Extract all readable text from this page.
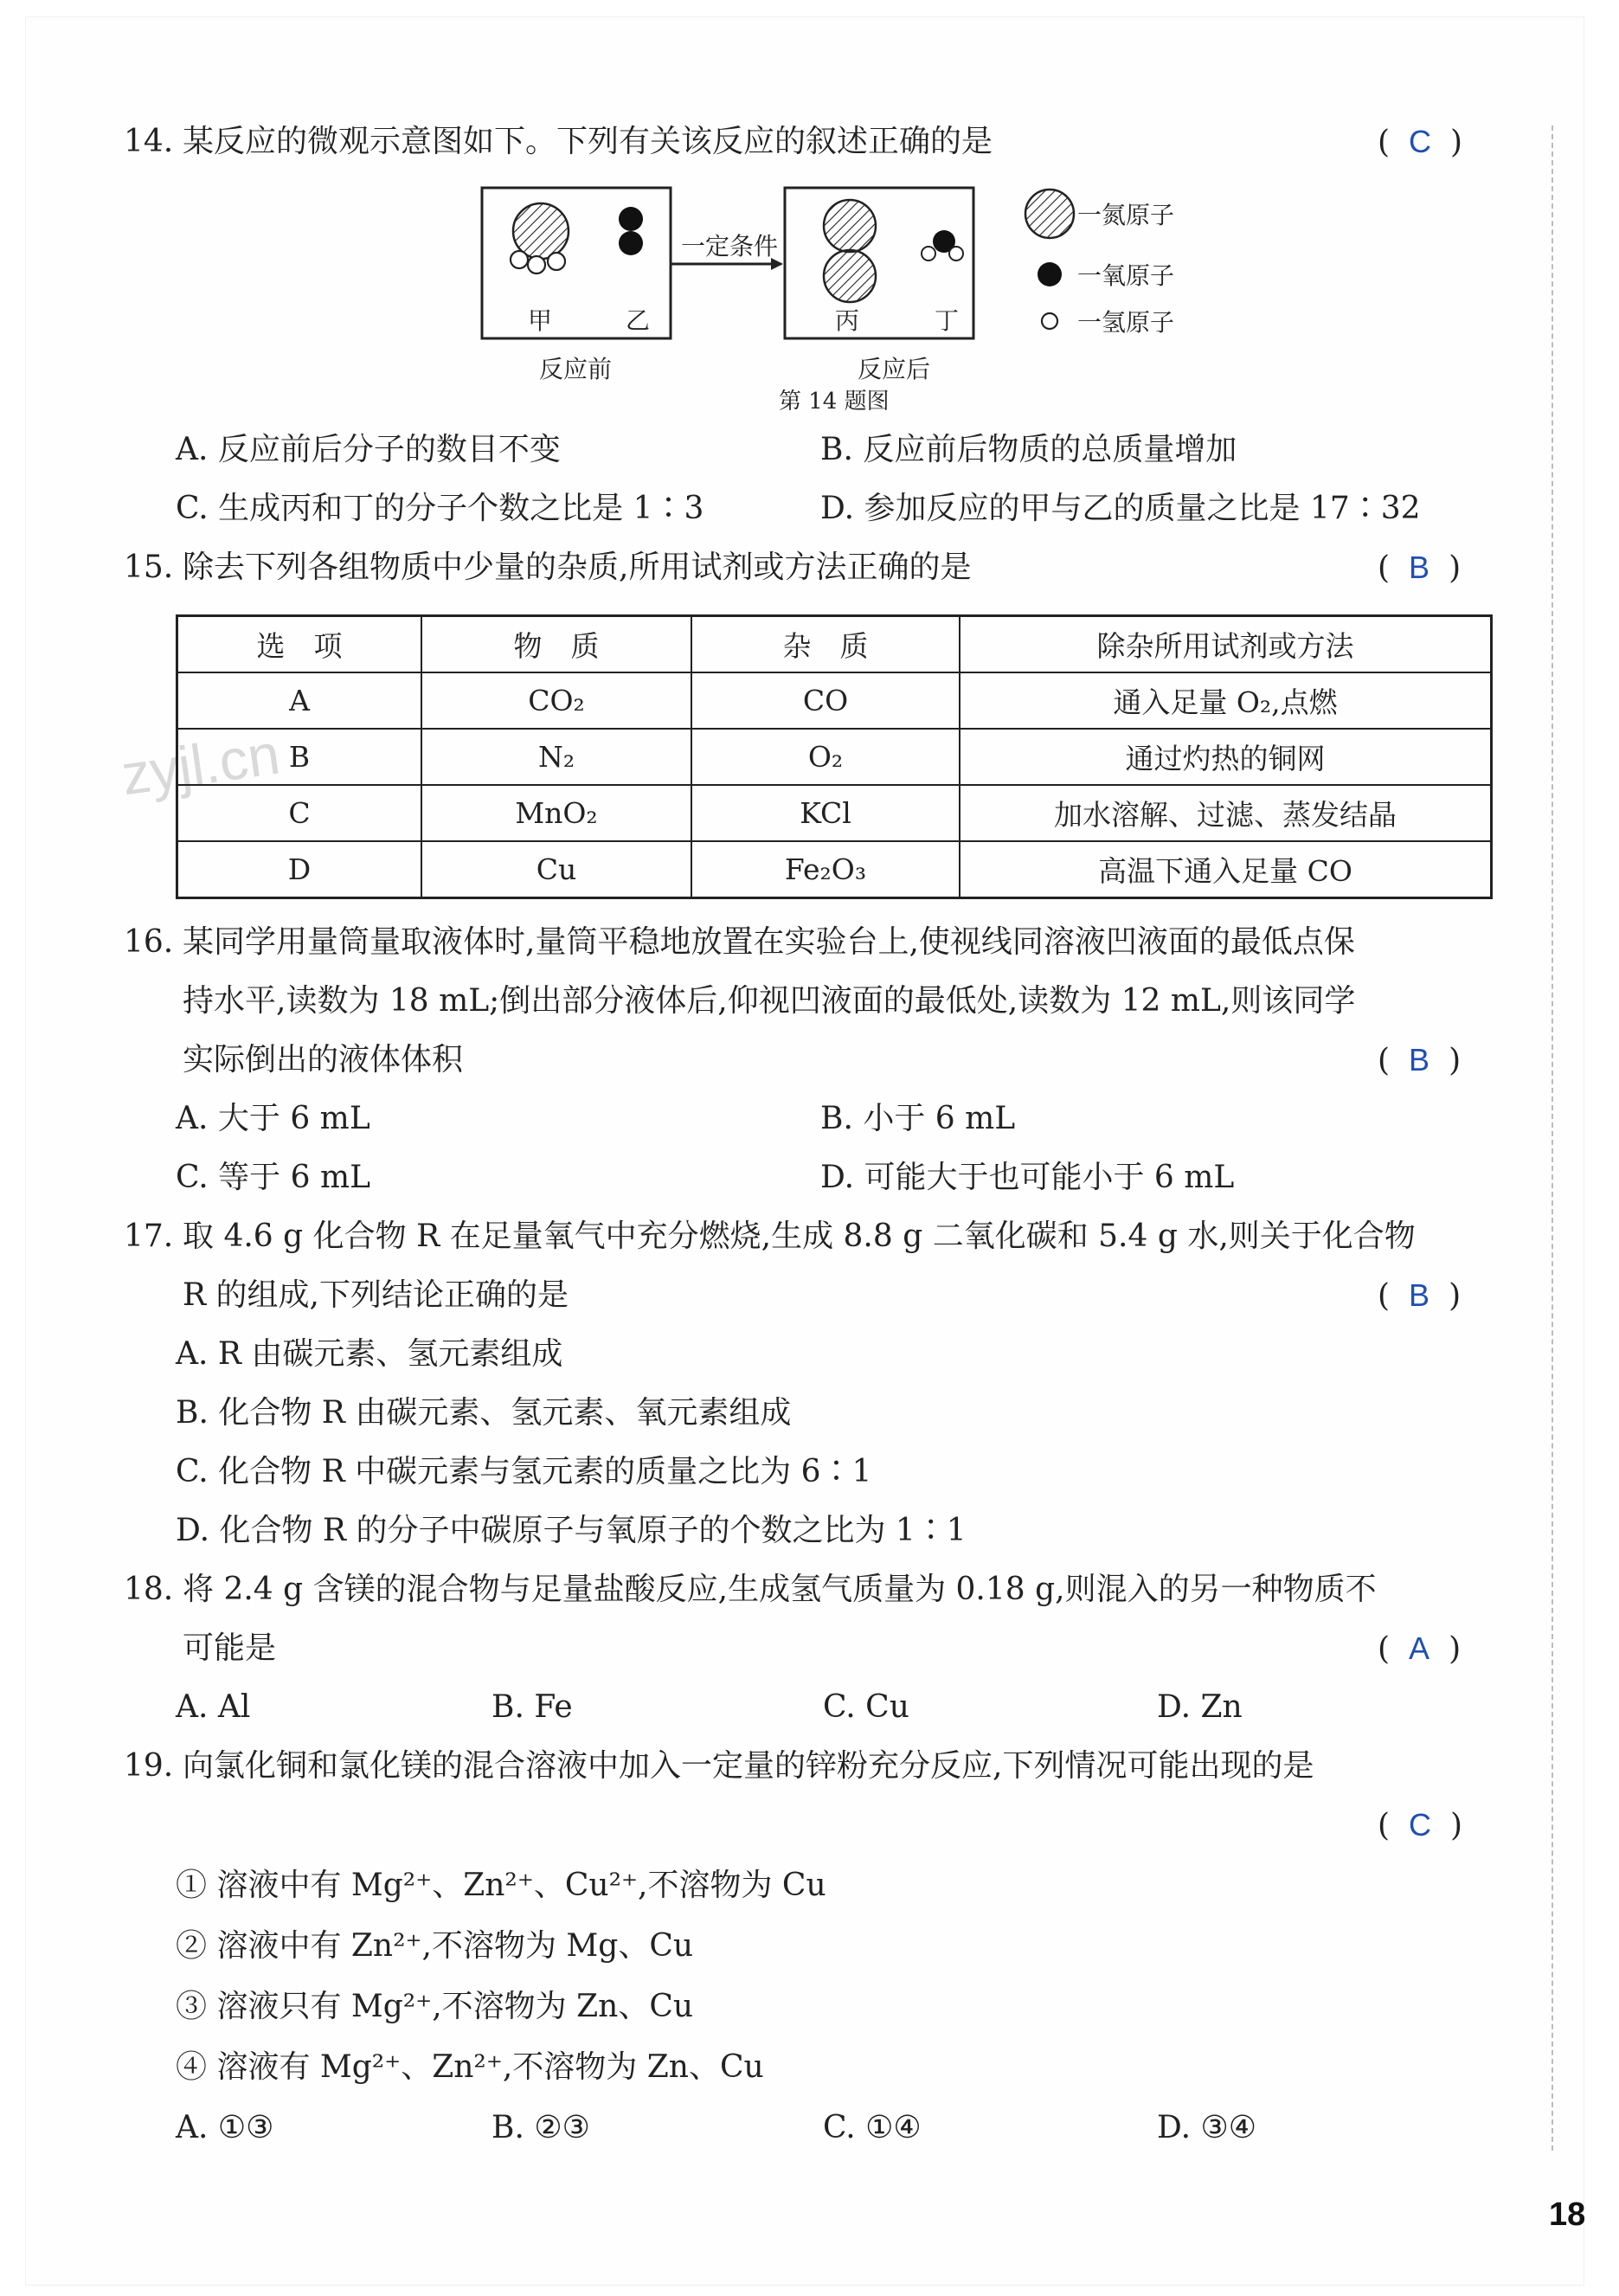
zyjl.cn
14. 某反应的微观示意图如下。下列有关该反应的叙述正确的是	( C )
一定条件
甲	乙	丙	丁
反应前	反应后
第 14 题图
一氮原子
一氧原子
一氢原子
A. 反应前后分子的数目不变	B. 反应前后物质的总质量增加
C. 生成丙和丁的分子个数之比是 1∶3	D. 参加反应的甲与乙的质量之比是 17∶32
15. 除去下列各组物质中少量的杂质,所用试剂或方法正确的是	( B )
选　项	物　质	杂　质	除杂所用试剂或方法
A	CO₂	CO	通入足量 O₂,点燃
B	N₂	O₂	通过灼热的铜网
C	MnO₂	KCl	加水溶解、过滤、蒸发结晶
D	Cu	Fe₂O₃	高温下通入足量 CO
16. 某同学用量筒量取液体时,量筒平稳地放置在实验台上,使视线同溶液凹液面的最低点保
持水平,读数为 18 mL;倒出部分液体后,仰视凹液面的最低处,读数为 12 mL,则该同学
实际倒出的液体体积	( B )
A. 大于 6 mL	B. 小于 6 mL
C. 等于 6 mL	D. 可能大于也可能小于 6 mL
17. 取 4.6 g 化合物 R 在足量氧气中充分燃烧,生成 8.8 g 二氧化碳和 5.4 g 水,则关于化合物
R 的组成,下列结论正确的是	( B )
A. R 由碳元素、氢元素组成
B. 化合物 R 由碳元素、氢元素、氧元素组成
C. 化合物 R 中碳元素与氢元素的质量之比为 6∶1
D. 化合物 R 的分子中碳原子与氧原子的个数之比为 1∶1
18. 将 2.4 g 含镁的混合物与足量盐酸反应,生成氢气质量为 0.18 g,则混入的另一种物质不
可能是	( A )
A. Al	B. Fe	C. Cu	D. Zn
19. 向氯化铜和氯化镁的混合溶液中加入一定量的锌粉充分反应,下列情况可能出现的是
( C )
① 溶液中有 Mg²⁺、Zn²⁺、Cu²⁺,不溶物为 Cu
② 溶液中有 Zn²⁺,不溶物为 Mg、Cu
③ 溶液只有 Mg²⁺,不溶物为 Zn、Cu
④ 溶液有 Mg²⁺、Zn²⁺,不溶物为 Zn、Cu
A. ①③	B. ②③	C. ①④	D. ③④
18
